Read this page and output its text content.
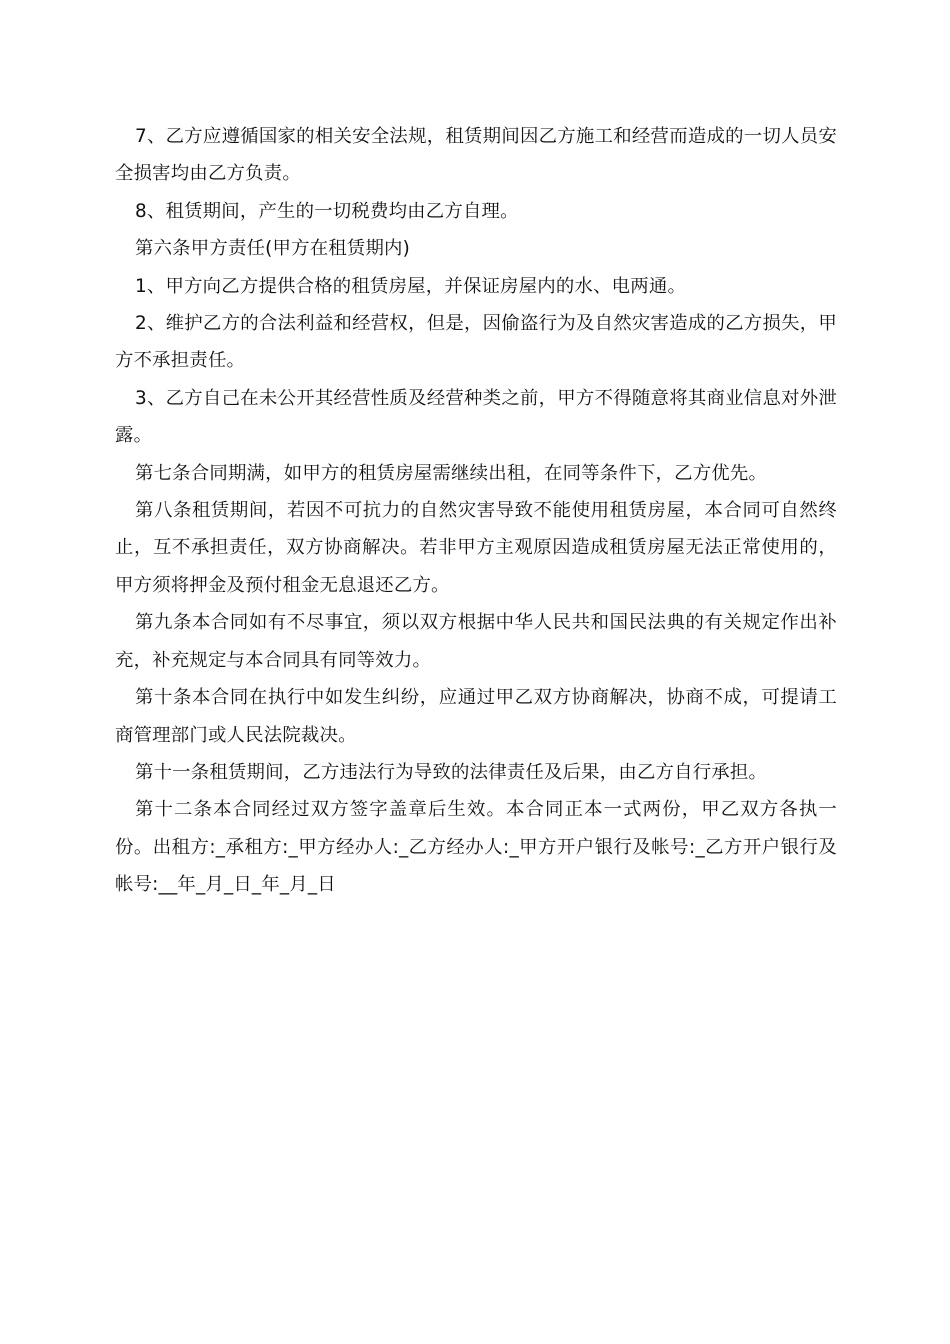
7、乙方应遵循国家的相关安全法规，租赁期间因乙方施工和经营而造成的一切人员安全损害均由乙方负责。

8、租赁期间，产生的一切税费均由乙方自理。

第六条甲方责任(甲方在租赁期内)

1、甲方向乙方提供合格的租赁房屋，并保证房屋内的水、电两通。

2、维护乙方的合法利益和经营权，但是，因偷盗行为及自然灾害造成的乙方损失，甲方不承担责任。

3、乙方自己在未公开其经营性质及经营种类之前，甲方不得随意将其商业信息对外泄露。

第七条合同期满，如甲方的租赁房屋需继续出租，在同等条件下，乙方优先。

第八条租赁期间，若因不可抗力的自然灾害导致不能使用租赁房屋，本合同可自然终止，互不承担责任，双方协商解决。若非甲方主观原因造成租赁房屋无法正常使用的，甲方须将押金及预付租金无息退还乙方。

第九条本合同如有不尽事宜，须以双方根据中华人民共和国民法典的有关规定作出补充，补充规定与本合同具有同等效力。

第十条本合同在执行中如发生纠纷，应通过甲乙双方协商解决，协商不成，可提请工商管理部门或人民法院裁决。

第十一条租赁期间，乙方违法行为导致的法律责任及后果，由乙方自行承担。

第十二条本合同经过双方签字盖章后生效。本合同正本一式两份，甲乙双方各执一份。出租方:_承租方:_甲方经办人:_乙方经办人:_甲方开户银行及帐号:_乙方开户银行及帐号:__年_月_日_年_月_日
